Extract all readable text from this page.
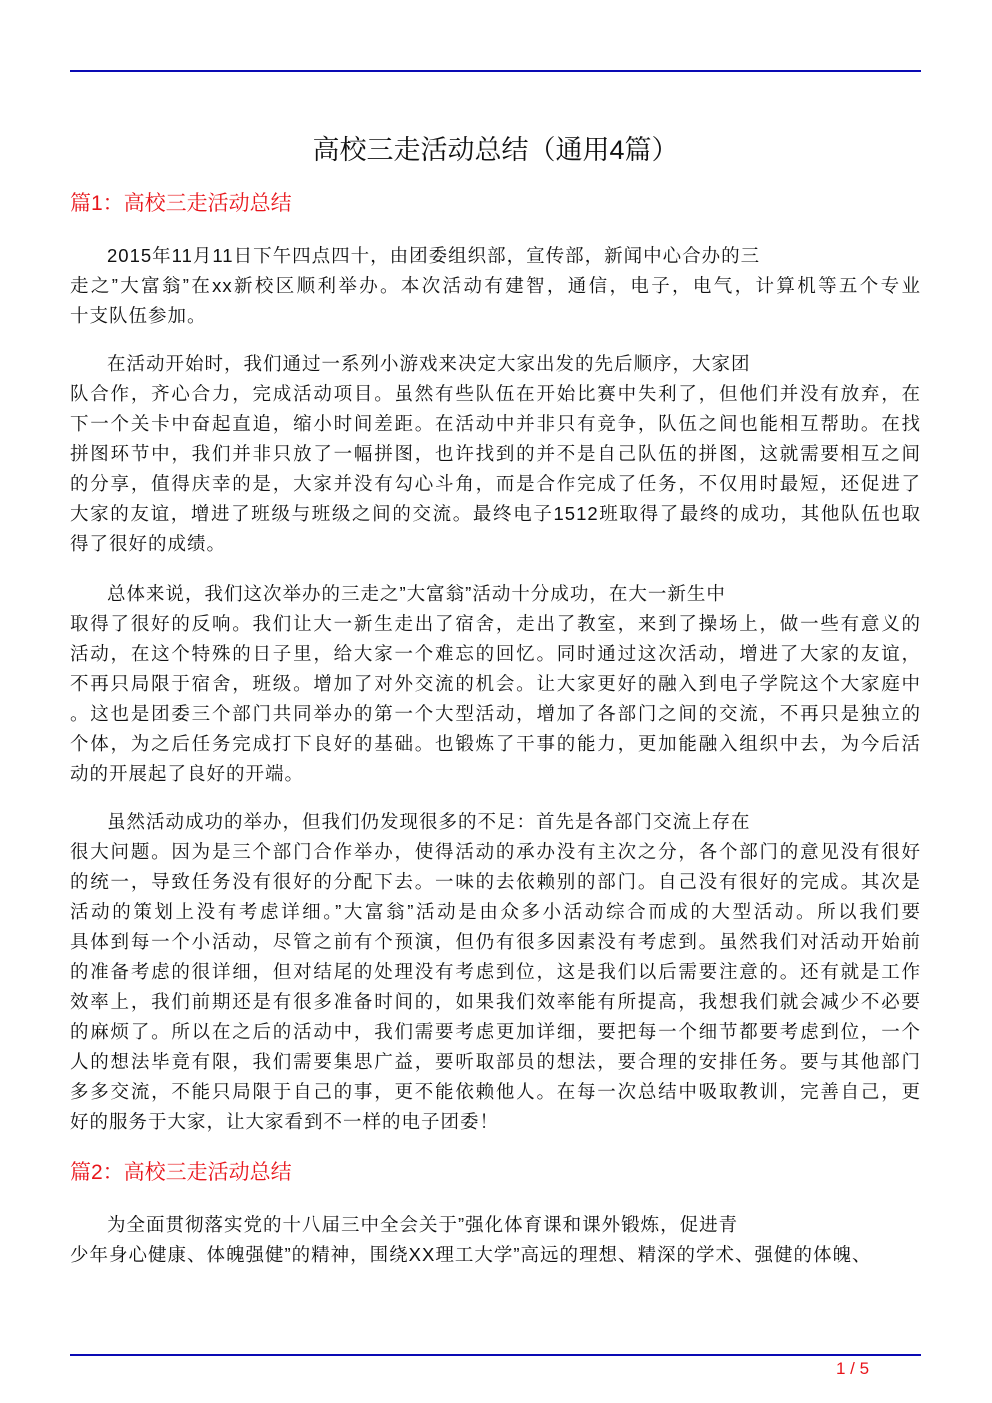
高校三走活动总结（通用4篇）
篇1：高校三走活动总结
2015年11月11日下午四点四十，由团委组织部，宣传部，新闻中心合办的三
走之”大富翁”在xx新校区顺利举办。本次活动有建智，通信，电子，电气，计算机等五个专业
十支队伍参加。
在活动开始时，我们通过一系列小游戏来决定大家出发的先后顺序，大家团
队合作，齐心合力，完成活动项目。虽然有些队伍在开始比赛中失利了，但他们并没有放弃，在
下一个关卡中奋起直追，缩小时间差距。在活动中并非只有竞争，队伍之间也能相互帮助。在找
拼图环节中，我们并非只放了一幅拼图，也许找到的并不是自己队伍的拼图，这就需要相互之间
的分享，值得庆幸的是，大家并没有勾心斗角，而是合作完成了任务，不仅用时最短，还促进了
大家的友谊，增进了班级与班级之间的交流。最终电子1512班取得了最终的成功，其他队伍也取
得了很好的成绩。
总体来说，我们这次举办的三走之”大富翁”活动十分成功，在大一新生中
取得了很好的反响。我们让大一新生走出了宿舍，走出了教室，来到了操场上，做一些有意义的
活动，在这个特殊的日子里，给大家一个难忘的回忆。同时通过这次活动，增进了大家的友谊，
不再只局限于宿舍，班级。增加了对外交流的机会。让大家更好的融入到电子学院这个大家庭中
。这也是团委三个部门共同举办的第一个大型活动，增加了各部门之间的交流，不再只是独立的
个体，为之后任务完成打下良好的基础。也锻炼了干事的能力，更加能融入组织中去，为今后活
动的开展起了良好的开端。
虽然活动成功的举办，但我们仍发现很多的不足：首先是各部门交流上存在
很大问题。因为是三个部门合作举办，使得活动的承办没有主次之分，各个部门的意见没有很好
的统一，导致任务没有很好的分配下去。一味的去依赖别的部门。自己没有很好的完成。其次是
活动的策划上没有考虑详细。”大富翁”活动是由众多小活动综合而成的大型活动。所以我们要
具体到每一个小活动，尽管之前有个预演，但仍有很多因素没有考虑到。虽然我们对活动开始前
的准备考虑的很详细，但对结尾的处理没有考虑到位，这是我们以后需要注意的。还有就是工作
效率上，我们前期还是有很多准备时间的，如果我们效率能有所提高，我想我们就会减少不必要
的麻烦了。所以在之后的活动中，我们需要考虑更加详细，要把每一个细节都要考虑到位，一个
人的想法毕竟有限，我们需要集思广益，要听取部员的想法，要合理的安排任务。要与其他部门
多多交流，不能只局限于自己的事，更不能依赖他人。在每一次总结中吸取教训，完善自己，更
好的服务于大家，让大家看到不一样的电子团委！
篇2：高校三走活动总结
为全面贯彻落实党的十八届三中全会关于”强化体育课和课外锻炼，促进青
少年身心健康、体魄强健”的精神，围绕XX理工大学”高远的理想、精深的学术、强健的体魄、
1 / 5
